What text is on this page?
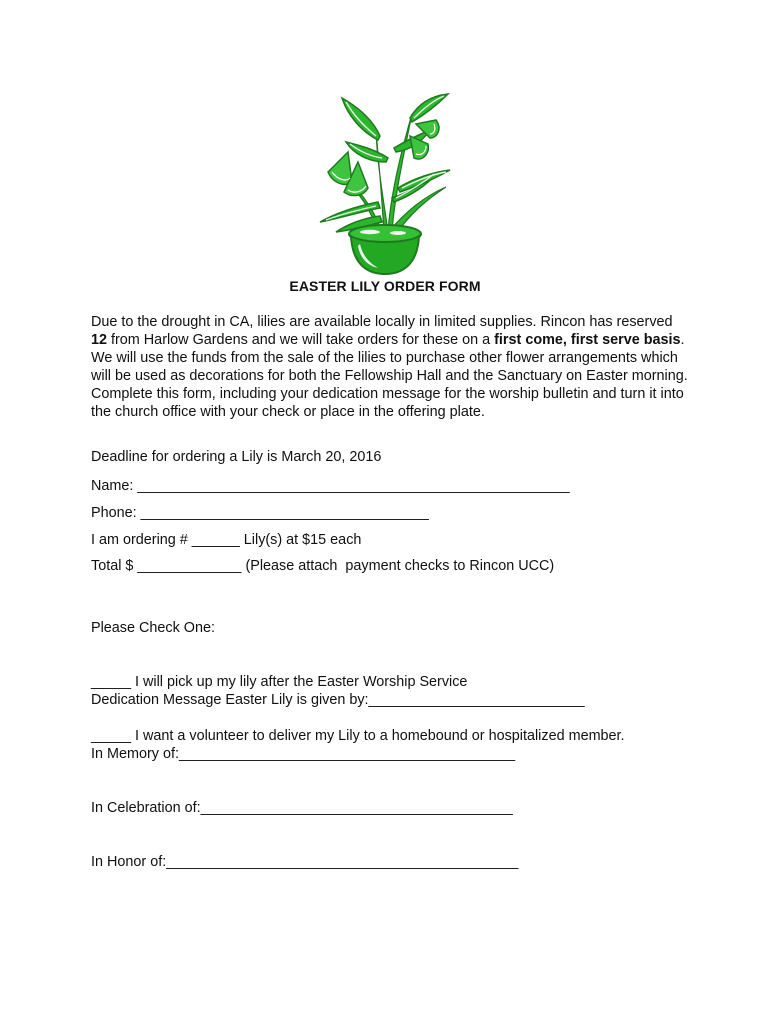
EASTER LILY ORDER FORM
Due to the drought in CA, lilies are available locally in limited supplies. Rincon has reserved 12 from Harlow Gardens and we will take orders for these on a first come, first serve basis. We will use the funds from the sale of the lilies to purchase other flower arrangements which will be used as decorations for both the Fellowship Hall and the Sanctuary on Easter morning. Complete this form, including your dedication message for the worship bulletin and turn it into the church office with your check or place in the offering plate.
Deadline for ordering a Lily is March 20, 2016
Name: ______________________________________________________
Phone: ____________________________________
I am ordering # ______ Lily(s) at $15 each
Total $ _____________ (Please attach  payment checks to Rincon UCC)

Please Check One:

_____ I will pick up my lily after the Easter Worship Service

_____ I want a volunteer to deliver my Lily to a homebound or hospitalized member.

Dedication Message Easter Lily is given by:___________________________

In Memory of:__________________________________________

In Celebration of:_______________________________________

In Honor of:____________________________________________
